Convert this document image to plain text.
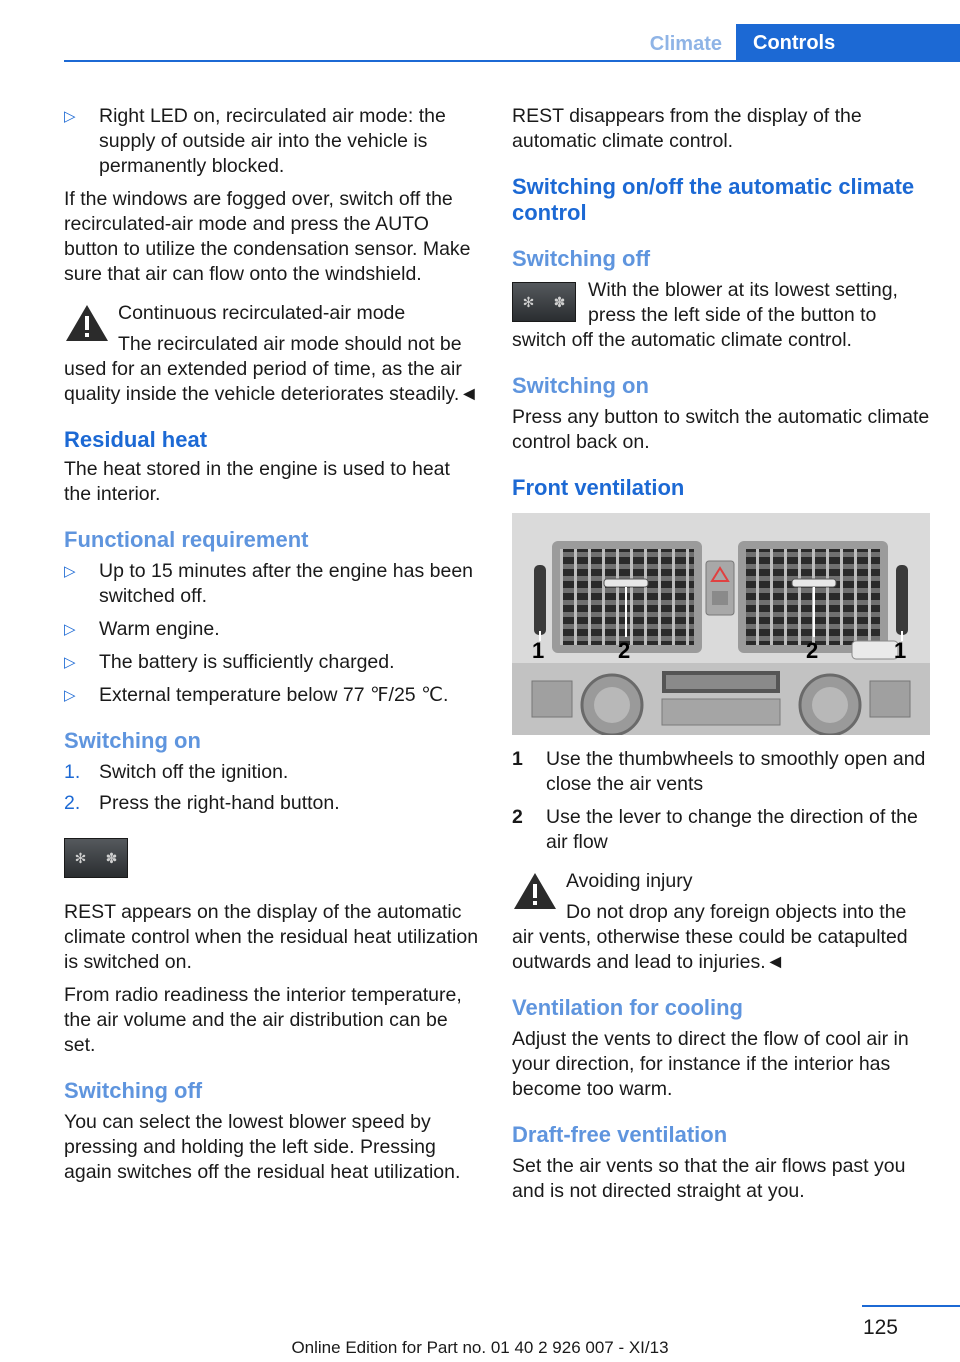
Climate	Controls
▷ Right LED on, recirculated air mode: the supply of outside air into the vehicle is permanently blocked.

If the windows are fogged over, switch off the recirculated-air mode and press the AUTO button to utilize the condensation sensor. Make sure that air can flow onto the windshield.

Continuous recirculated-air mode
The recirculated air mode should not be used for an extended period of time, as the air quality inside the vehicle deteriorates steadily.◄
Residual heat

The heat stored in the engine is used to heat the interior.

Functional requirement
▷ Up to 15 minutes after the engine has been switched off.
▷ Warm engine.
▷ The battery is sufficiently charged.
▷ External temperature below 77 ℉/25 ℃.
Switching on
1. Switch off the ignition.
2. Press the right-hand button.
✻ ✽

REST appears on the display of the automatic climate control when the residual heat utilization is switched on.

From radio readiness the interior temperature, the air volume and the air distribution can be set.

Switching off

You can select the lowest blower speed by pressing and holding the left side. Pressing again switches off the residual heat utilization.

REST disappears from the display of the automatic climate control.

Switching on/off the automatic climate control
Switching off
✻ ✽
With the blower at its lowest setting, press the left side of the button to switch off the automatic climate control.
Switching on

Press any button to switch the automatic climate control back on.

Front ventilation
1	2	2	1
1 Use the thumbwheels to smoothly open and close the air vents
2 Use the lever to change the direction of the air flow
Avoiding injury
Do not drop any foreign objects into the air vents, otherwise these could be catapulted outwards and lead to injuries.◄
Ventilation for cooling

Adjust the vents to direct the flow of cool air in your direction, for instance if the interior has become too warm.

Draft-free ventilation

Set the air vents so that the air flows past you and is not directed straight at you.

125
Online Edition for Part no. 01 40 2 926 007 - XI/13
